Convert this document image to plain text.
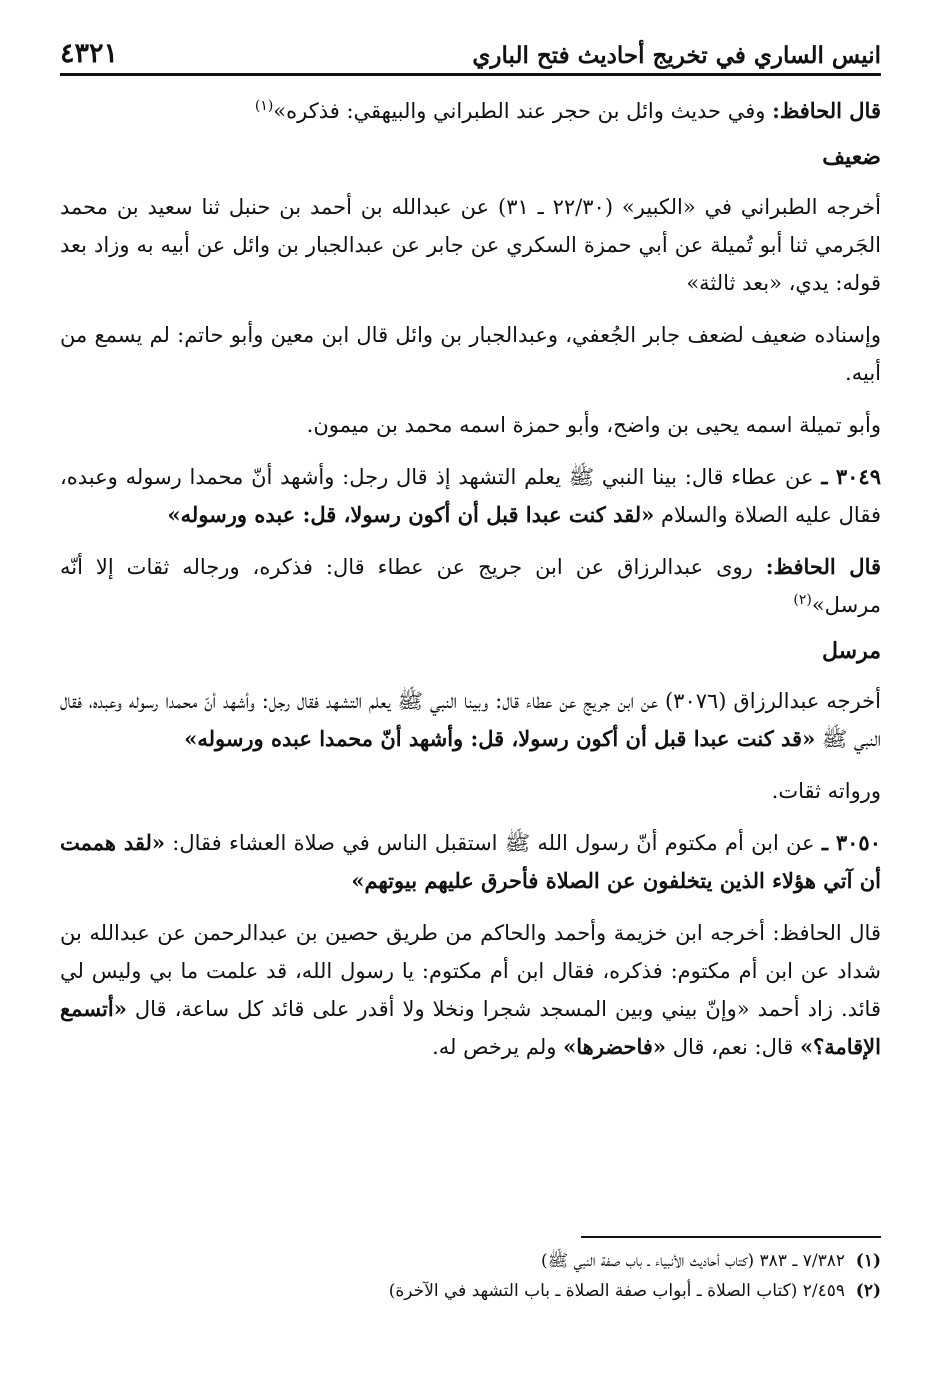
انيس الساري في تخريج أحاديث فتح الباري
٤٣٢١

قال الحافظ: وفي حديث وائل بن حجر عند الطبراني والبيهقي: فذكره»$^{(١)}$

ضعيف

أخرجه الطبراني في «الكبير» (٢٢/٣٠ ـ ٣١) عن عبدالله بن أحمد بن حنبل ثنا سعيد بن محمد الجَرمي ثنا أبو تُميلة عن أبي حمزة السكري عن جابر عن عبدالجبار بن وائل عن أبيه به وزاد بعد قوله: يدي، «بعد ثالثة»

وإسناده ضعيف لضعف جابر الجُعفي، وعبدالجبار بن وائل قال ابن معين وأبو حاتم: لم يسمع من أبيه.

وأبو تميلة اسمه يحيى بن واضح، وأبو حمزة اسمه محمد بن ميمون.

٣٠٤٩ ـ عن عطاء قال: بينا النبي ﷺ يعلم التشهد إذ قال رجل: وأشهد أنّ محمدا رسوله وعبده، فقال عليه الصلاة والسلام «لقد كنت عبدا قبل أن أكون رسولا، قل: عبده ورسوله»

قال الحافظ: روى عبدالرزاق عن ابن جريج عن عطاء قال: فذكره، ورجاله ثقات إلا أنّه مرسل»$^{(٢)}$

مرسل

أخرجه عبدالرزاق (٣٠٧٦) عن ابن جريج عن عطاء قال: وبينا النبي ﷺ يعلم التشهد فقال رجل: وأشهد أنّ محمدا رسوله وعبده، فقال النبي ﷺ «قد كنت عبدا قبل أن أكون رسولا، قل: وأشهد أنّ محمدا عبده ورسوله»

ورواته ثقات.

٣٠٥٠ ـ عن ابن أم مكتوم أنّ رسول الله ﷺ استقبل الناس في صلاة العشاء فقال: «لقد هممت أن آتي هؤلاء الذين يتخلفون عن الصلاة فأحرق عليهم بيوتهم»

قال الحافظ: أخرجه ابن خزيمة وأحمد والحاكم من طريق حصين بن عبدالرحمن عن عبدالله بن شداد عن ابن أم مكتوم: فذكره، فقال ابن أم مكتوم: يا رسول الله، قد علمت ما بي وليس لي قائد. زاد أحمد «وإنّ بيني وبين المسجد شجرا ونخلا ولا أقدر على قائد كل ساعة، قال «أتسمع الإقامة؟» قال: نعم، قال «فاحضرها» ولم يرخص له.

(١)٧/٣٨٢ ـ ٣٨٣ (كتاب أحاديث الأنبياء ـ باب صفة النبي ﷺ)
(٢)٢/٤٥٩ (كتاب الصلاة ـ أبواب صفة الصلاة ـ باب التشهد في الآخرة)
